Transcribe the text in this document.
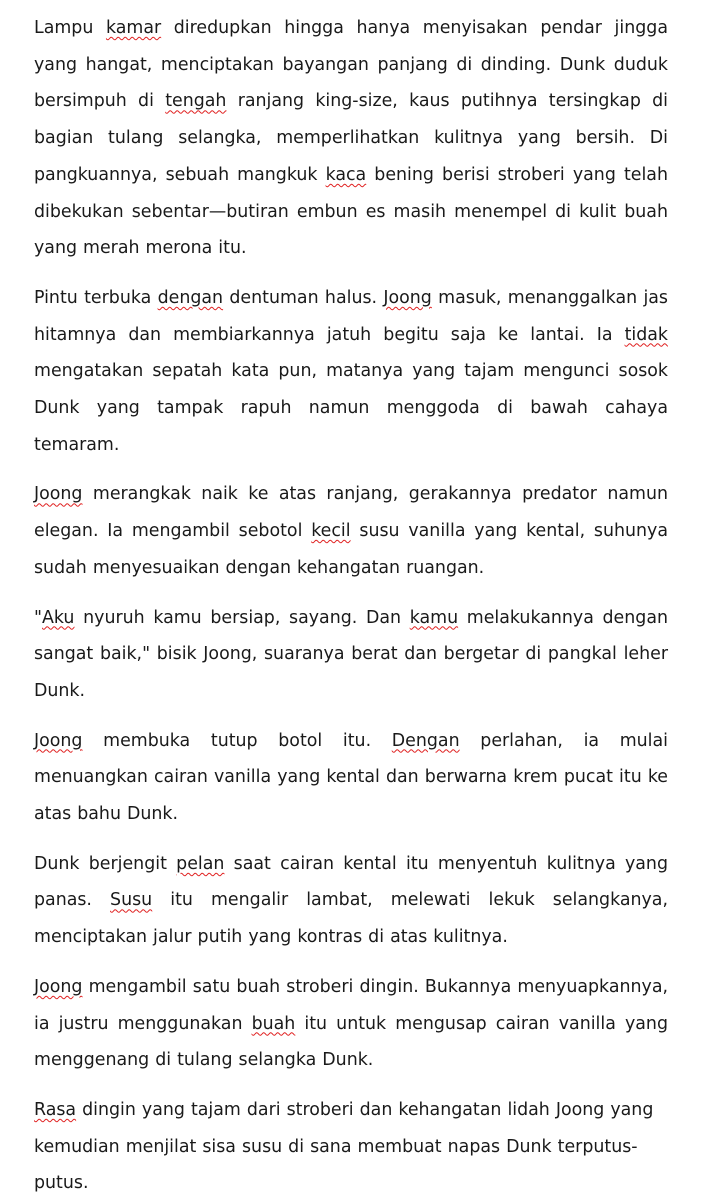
Lampu kamar diredupkan hingga hanya menyisakan pendar jingga yang hangat, menciptakan bayangan panjang di dinding. Dunk duduk bersimpuh di tengah ranjang king-size, kaus putihnya tersingkap di bagian tulang selangka, memperlihatkan kulitnya yang bersih. Di pangkuannya, sebuah mangkuk kaca bening berisi stroberi yang telah dibekukan sebentar—butiran embun es masih menempel di kulit buah yang merah merona itu.

Pintu terbuka dengan dentuman halus. Joong masuk, menanggalkan jas hitamnya dan membiarkannya jatuh begitu saja ke lantai. Ia tidak mengatakan sepatah kata pun, matanya yang tajam mengunci sosok Dunk yang tampak rapuh namun menggoda di bawah cahaya temaram.

Joong merangkak naik ke atas ranjang, gerakannya predator namun elegan. Ia mengambil sebotol kecil susu vanilla yang kental, suhunya sudah menyesuaikan dengan kehangatan ruangan.

"Aku nyuruh kamu bersiap, sayang. Dan kamu melakukannya dengan sangat baik," bisik Joong, suaranya berat dan bergetar di pangkal leher Dunk.

Joong membuka tutup botol itu. Dengan perlahan, ia mulai menuangkan cairan vanilla yang kental dan berwarna krem pucat itu ke atas bahu Dunk.

Dunk berjengit pelan saat cairan kental itu menyentuh kulitnya yang panas. Susu itu mengalir lambat, melewati lekuk selangkanya, menciptakan jalur putih yang kontras di atas kulitnya.

Joong mengambil satu buah stroberi dingin. Bukannya menyuapkannya, ia justru menggunakan buah itu untuk mengusap cairan vanilla yang menggenang di tulang selangka Dunk.

Rasa dingin yang tajam dari stroberi dan kehangatan lidah Joong yang kemudian menjilat sisa susu di sana membuat napas Dunk terputus-putus.
